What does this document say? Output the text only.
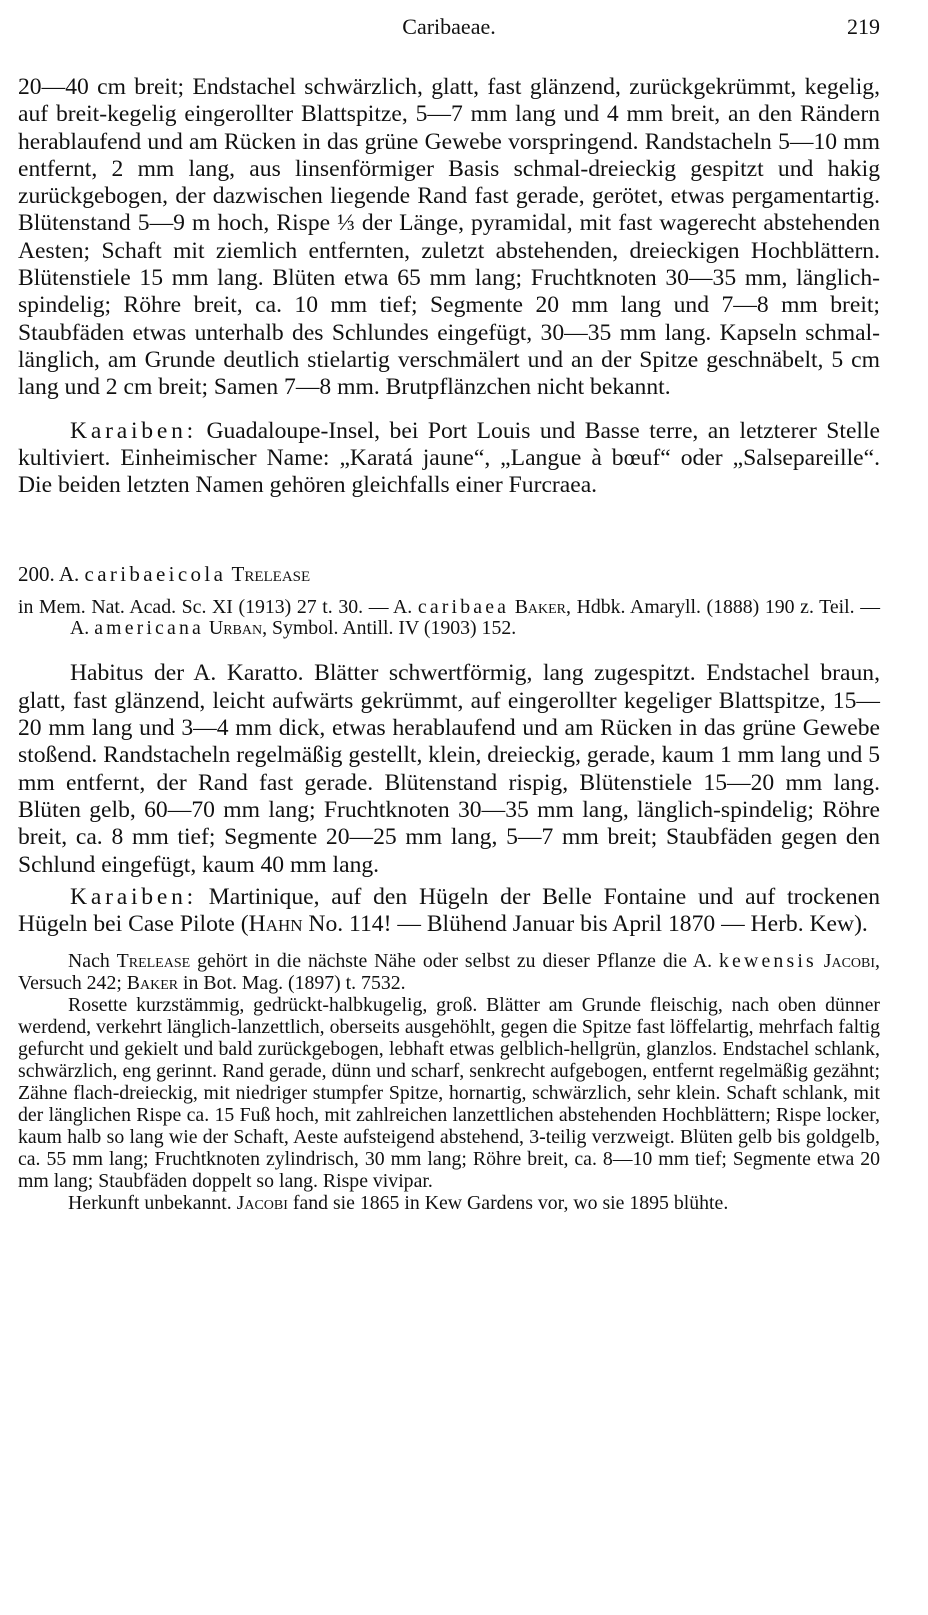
Caribaeae.	219

20—40 cm breit; Endstachel schwärzlich, glatt, fast glänzend, zurückgekrümmt, kegelig, auf breit-kegelig eingerollter Blattspitze, 5—7 mm lang und 4 mm breit, an den Rändern herablaufend und am Rücken in das grüne Gewebe vorspringend. Randstacheln 5—10 mm entfernt, 2 mm lang, aus linsenförmiger Basis schmal-dreieckig gespitzt und hakig zurückgebogen, der dazwischen liegende Rand fast gerade, gerötet, etwas pergamentartig. Blütenstand 5—9 m hoch, Rispe ⅓ der Länge, pyramidal, mit fast wagerecht abstehenden Aesten; Schaft mit ziemlich entfernten, zuletzt abstehenden, dreieckigen Hochblättern. Blütenstiele 15 mm lang. Blüten etwa 65 mm lang; Fruchtknoten 30—35 mm, länglich-spindelig; Röhre breit, ca. 10 mm tief; Segmente 20 mm lang und 7—8 mm breit; Staubfäden etwas unterhalb des Schlundes eingefügt, 30—35 mm lang. Kapseln schmal-länglich, am Grunde deutlich stielartig verschmälert und an der Spitze geschnäbelt, 5 cm lang und 2 cm breit; Samen 7—8 mm. Brutpflänzchen nicht bekannt.

Karaiben: Guadaloupe-Insel, bei Port Louis und Basse terre, an letzterer Stelle kultiviert. Einheimischer Name: „Karatá jaune“, „Langue à bœuf“ oder „Salsepareille“. Die beiden letzten Namen gehören gleichfalls einer Furcraea.

200. A. caribaeicola Trelease

in Mem. Nat. Acad. Sc. XI (1913) 27 t. 30. — A. caribaea Baker, Hdbk. Amaryll. (1888) 190 z. Teil. — A. americana Urban, Symbol. Antill. IV (1903) 152.

Habitus der A. Karatto. Blätter schwertförmig, lang zugespitzt. Endstachel braun, glatt, fast glänzend, leicht aufwärts gekrümmt, auf eingerollter kegeliger Blattspitze, 15—20 mm lang und 3—4 mm dick, etwas herablaufend und am Rücken in das grüne Gewebe stoßend. Randstacheln regelmäßig gestellt, klein, dreieckig, gerade, kaum 1 mm lang und 5 mm entfernt, der Rand fast gerade. Blütenstand rispig, Blütenstiele 15—20 mm lang. Blüten gelb, 60—70 mm lang; Fruchtknoten 30—35 mm lang, länglich-spindelig; Röhre breit, ca. 8 mm tief; Segmente 20—25 mm lang, 5—7 mm breit; Staubfäden gegen den Schlund eingefügt, kaum 40 mm lang.

Karaiben: Martinique, auf den Hügeln der Belle Fontaine und auf trockenen Hügeln bei Case Pilote (Hahn No. 114! — Blühend Januar bis April 1870 — Herb. Kew).

Nach Trelease gehört in die nächste Nähe oder selbst zu dieser Pflanze die A. kewensis Jacobi, Versuch 242; Baker in Bot. Mag. (1897) t. 7532.

Rosette kurzstämmig, gedrückt-halbkugelig, groß. Blätter am Grunde fleischig, nach oben dünner werdend, verkehrt länglich-lanzettlich, oberseits ausgehöhlt, gegen die Spitze fast löffelartig, mehrfach faltig gefurcht und gekielt und bald zurückgebogen, lebhaft etwas gelblich-hellgrün, glanzlos. Endstachel schlank, schwärzlich, eng gerinnt. Rand gerade, dünn und scharf, senkrecht aufgebogen, entfernt regelmäßig gezähnt; Zähne flach-dreieckig, mit niedriger stumpfer Spitze, hornartig, schwärzlich, sehr klein. Schaft schlank, mit der länglichen Rispe ca. 15 Fuß hoch, mit zahlreichen lanzettlichen abstehenden Hochblättern; Rispe locker, kaum halb so lang wie der Schaft, Aeste aufsteigend abstehend, 3-teilig verzweigt. Blüten gelb bis goldgelb, ca. 55 mm lang; Fruchtknoten zylindrisch, 30 mm lang; Röhre breit, ca. 8—10 mm tief; Segmente etwa 20 mm lang; Staubfäden doppelt so lang. Rispe vivipar.

Herkunft unbekannt. Jacobi fand sie 1865 in Kew Gardens vor, wo sie 1895 blühte.
